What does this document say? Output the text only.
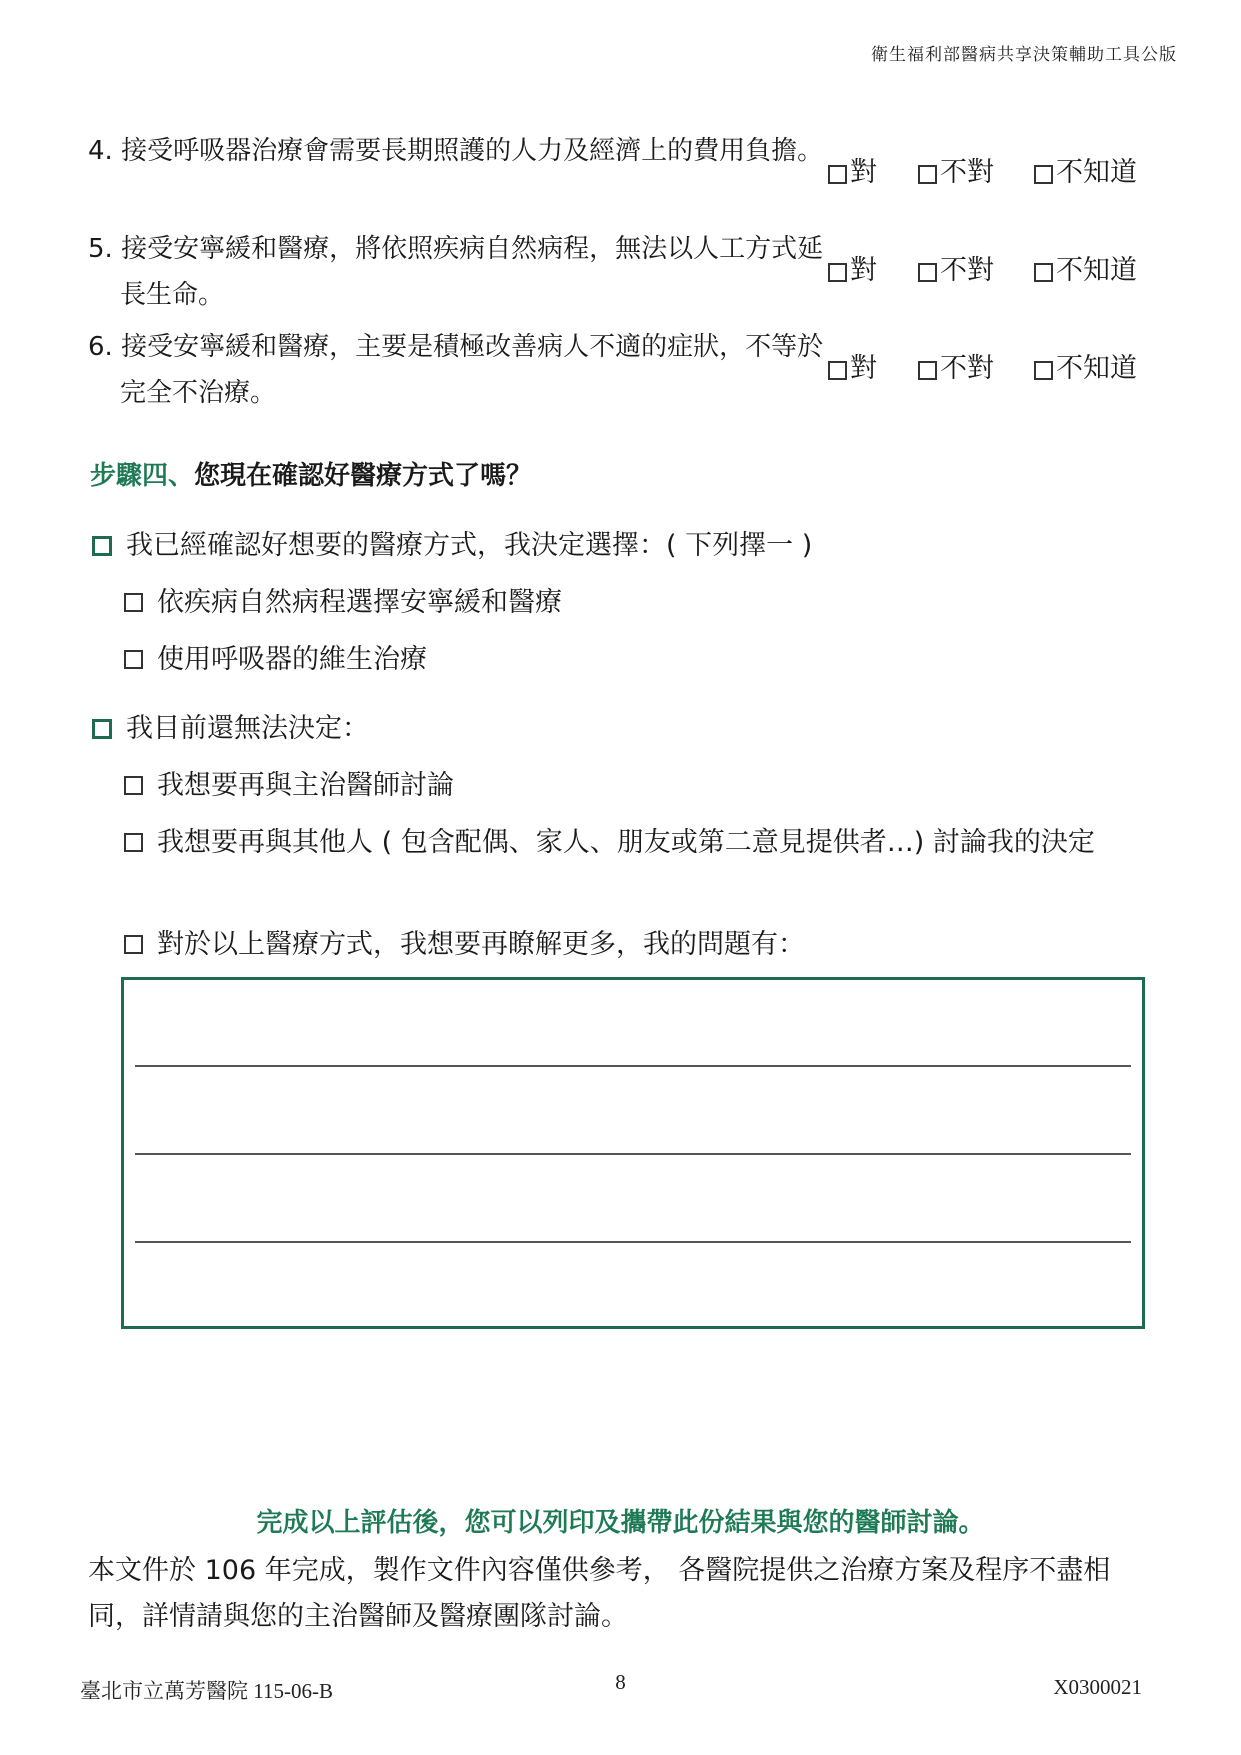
衛生福利部醫病共享決策輔助工具公版
4. 接受呼吸器治療會需要長期照護的人力及經濟上的費用負擔。
對 不對 不知道
5. 接受安寧緩和醫療，將依照疾病自然病程，無法以人工方式延長生命。
對 不對 不知道
6. 接受安寧緩和醫療，主要是積極改善病人不適的症狀，不等於完全不治療。
對 不對 不知道
步驟四、您現在確認好醫療方式了嗎？
我已經確認好想要的醫療方式，我決定選擇：( 下列擇一 )
依疾病自然病程選擇安寧緩和醫療
使用呼吸器的維生治療
我目前還無法決定：
我想要再與主治醫師討論
我想要再與其他人 ( 包含配偶、家人、朋友或第二意見提供者…) 討論我的決定
對於以上醫療方式，我想要再瞭解更多，我的問題有：
完成以上評估後，您可以列印及攜帶此份結果與您的醫師討論。
本文件於 106 年完成，製作文件內容僅供參考， 各醫院提供之治療方案及程序不盡相同，詳情請與您的主治醫師及醫療團隊討論。
臺北市立萬芳醫院 115-06-B	8	X0300021
